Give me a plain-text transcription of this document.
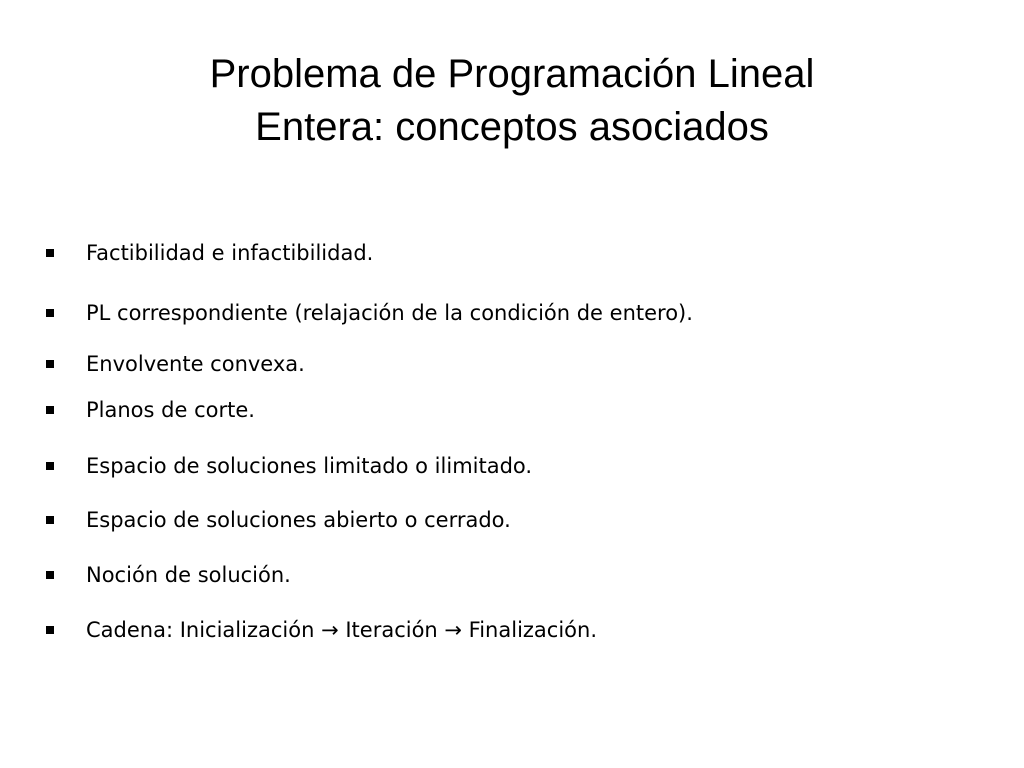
Problema de Programación Lineal
Entera: conceptos asociados
Factibilidad e infactibilidad.
PL correspondiente (relajación de la condición de entero).
Envolvente convexa.
Planos de corte.
Espacio de soluciones limitado o ilimitado.
Espacio de soluciones abierto o cerrado.
Noción de solución.
Cadena: Inicialización → Iteración → Finalización.
